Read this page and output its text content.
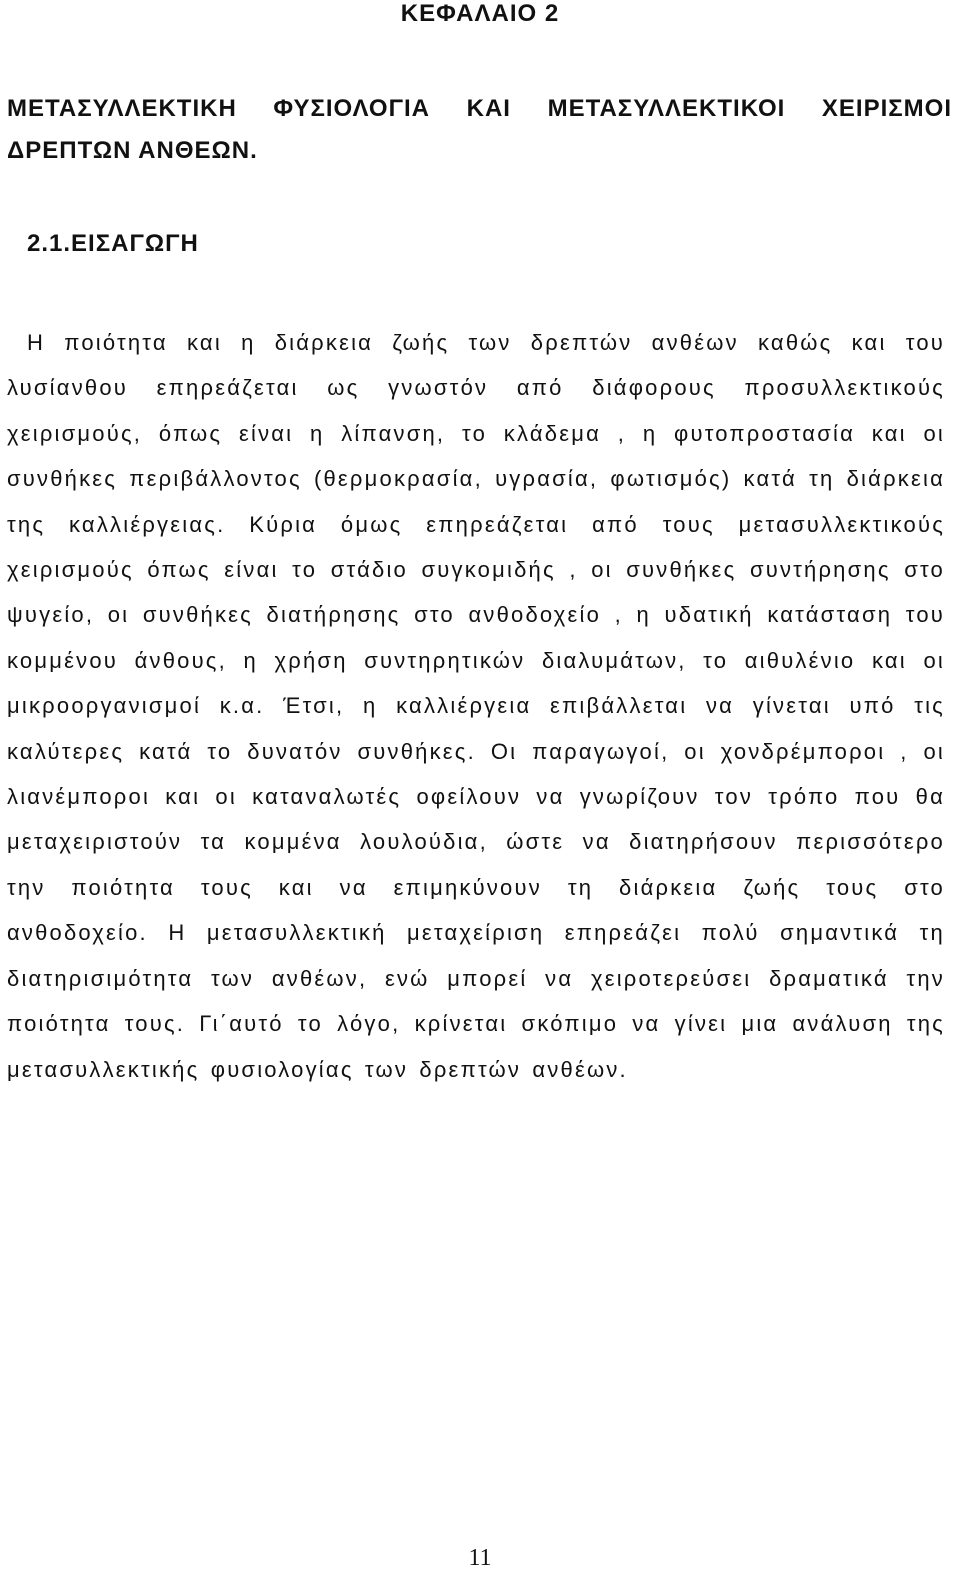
ΚΕΦΑΛΑΙΟ 2
ΜΕΤΑΣΥΛΛΕΚΤΙΚΗ ΦΥΣΙΟΛΟΓΙΑ ΚΑΙ ΜΕΤΑΣΥΛΛΕΚΤΙΚΟΙ ΧΕΙΡΙΣΜΟΙ ΔΡΕΠΤΩΝ ΑΝΘΕΩΝ.
2.1.ΕΙΣΑΓΩΓΗ

Η ποιότητα και η διάρκεια ζωής των δρεπτών ανθέων καθώς και του λυσίανθου επηρεάζεται ως γνωστόν από διάφορους προσυλλεκτικούς χειρισμούς, όπως είναι η λίπανση, το κλάδεμα , η φυτοπροστασία και οι συνθήκες περιβάλλοντος (θερμοκρασία, υγρασία, φωτισμός) κατά τη διάρκεια της καλλιέργειας. Κύρια όμως επηρεάζεται από τους μετασυλλεκτικούς χειρισμούς όπως είναι το στάδιο συγκομιδής , οι συνθήκες συντήρησης στο ψυγείο, οι συνθήκες διατήρησης στο ανθοδοχείο , η υδατική κατάσταση του κομμένου άνθους, η χρήση συντηρητικών διαλυμάτων, το αιθυλένιο και οι μικροοργανισμοί κ.α. Έτσι, η καλλιέργεια επιβάλλεται να γίνεται υπό τις καλύτερες κατά το δυνατόν συνθήκες. Οι παραγωγοί, οι χονδρέμποροι , οι λιανέμποροι και οι καταναλωτές οφείλουν να γνωρίζουν τον τρόπο που θα μεταχειριστούν τα κομμένα λουλούδια, ώστε να διατηρήσουν περισσότερο την ποιότητα τους και να επιμηκύνουν τη διάρκεια ζωής τους στο ανθοδοχείο. Η μετασυλλεκτική μεταχείριση επηρεάζει πολύ σημαντικά τη διατηρισιμότητα των ανθέων, ενώ μπορεί να χειροτερεύσει δραματικά την ποιότητα τους. Γι΄αυτό το λόγο, κρίνεται σκόπιμο να γίνει μια ανάλυση της μετασυλλεκτικής φυσιολογίας των δρεπτών ανθέων.

11
